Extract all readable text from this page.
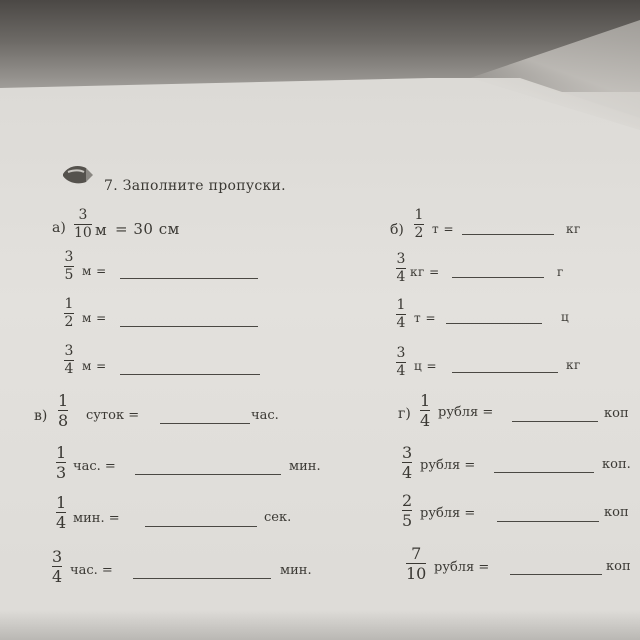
7. Заполните пропуски.
а)
3
10 м = 30 см
3
5 м =
1
2 м =
3
4 м =
б)
1
2 т =	кг
3
4 кг =	г
1
4 т =	ц
3
4 ц =	кг
в)
1
8 суток =	час.
1
3 час. =	мин.
1
4 мин. =	сек.
3
4 час. =	мин.
г)
1
4 рубля =	коп
3
4 рубля =	коп.
2
5 рубля =	коп
7
10 рубля =	коп
